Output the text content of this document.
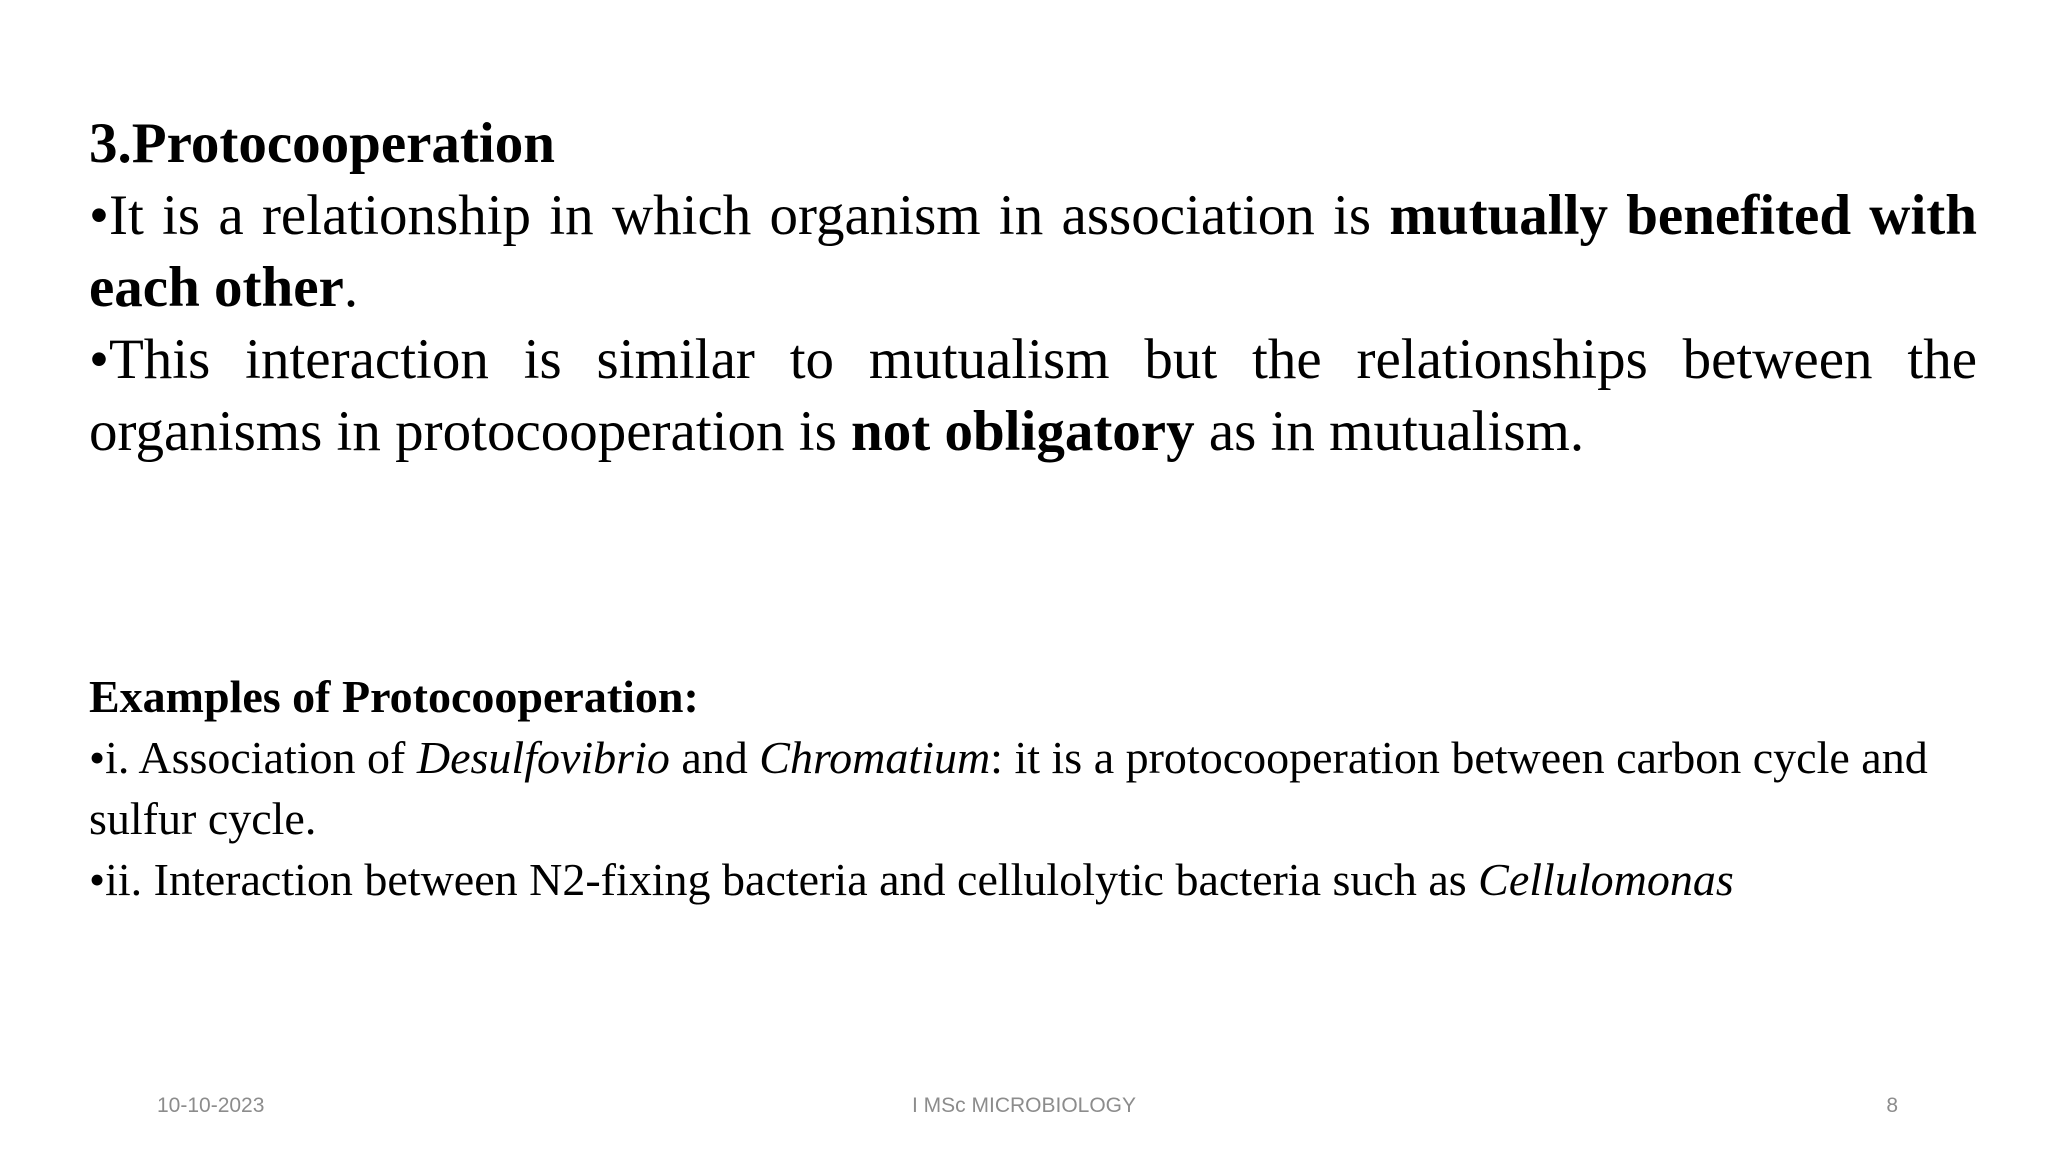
3.Protocooperation

•It is a relationship in which organism in association is mutually benefited with each other.

•This interaction is similar to mutualism but the relationships between the organisms in protocooperation is not obligatory as in mutualism.

Examples of Protocooperation:

•i. Association of Desulfovibrio and Chromatium: it is a protocooperation between carbon cycle and sulfur cycle.

•ii. Interaction between N2-fixing bacteria and cellulolytic bacteria such as Cellulomonas

10-10-2023	I MSc MICROBIOLOGY	8
